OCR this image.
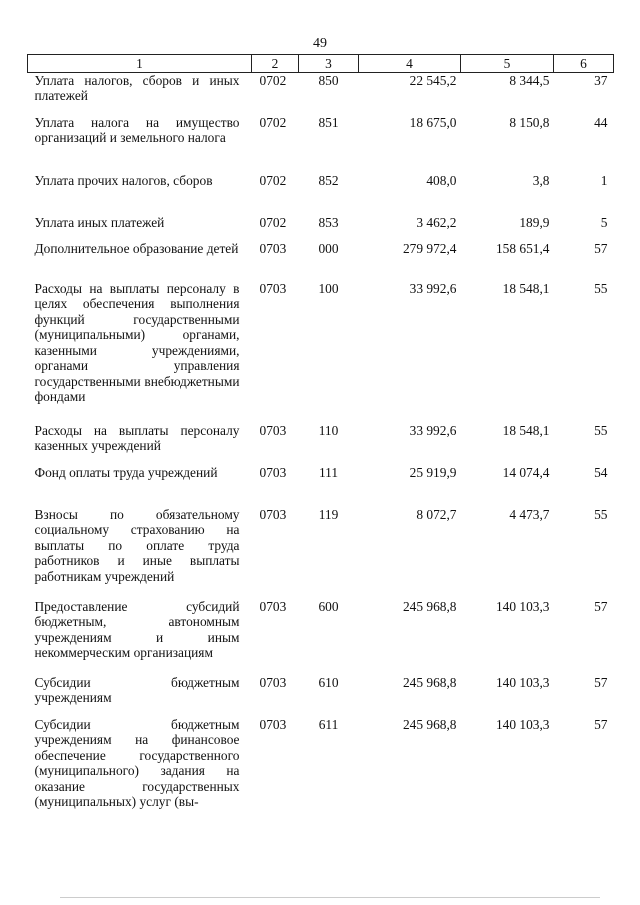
49
1	2	3	4	5	6
Уплата налогов, сборов и иных платежей	0702	850	22 545,2	8 344,5	37
Уплата налога на имущество организаций и земельного налога	0702	851	18 675,0	8 150,8	44
Уплата прочих налогов, сборов	0702	852	408,0	3,8	1
Уплата иных платежей	0702	853	3 462,2	189,9	5
Дополнительное образование детей	0703	000	279 972,4	158 651,4	57
Расходы на выплаты персоналу в целях обеспечения выполнения функций государственными (муниципальными) органами, казенными учреждениями, органами управления государственными внебюджетными фондами	0703	100	33 992,6	18 548,1	55
Расходы на выплаты персоналу казенных учреждений	0703	110	33 992,6	18 548,1	55
Фонд оплаты труда учреждений	0703	111	25 919,9	14 074,4	54
Взносы по обязательному социальному страхованию на выплаты по оплате труда работников и иные выплаты работникам учреждений	0703	119	8 072,7	4 473,7	55
Предоставление субсидий бюджетным, автономным учреждениям и иным некоммерческим организациям	0703	600	245 968,8	140 103,3	57
Субсидии бюджетным учреждениям	0703	610	245 968,8	140 103,3	57
Субсидии бюджетным учреждениям на финансовое обеспечение государственного (муниципального) задания на оказание государственных (муниципальных) услуг (вы-	0703	611	245 968,8	140 103,3	57
